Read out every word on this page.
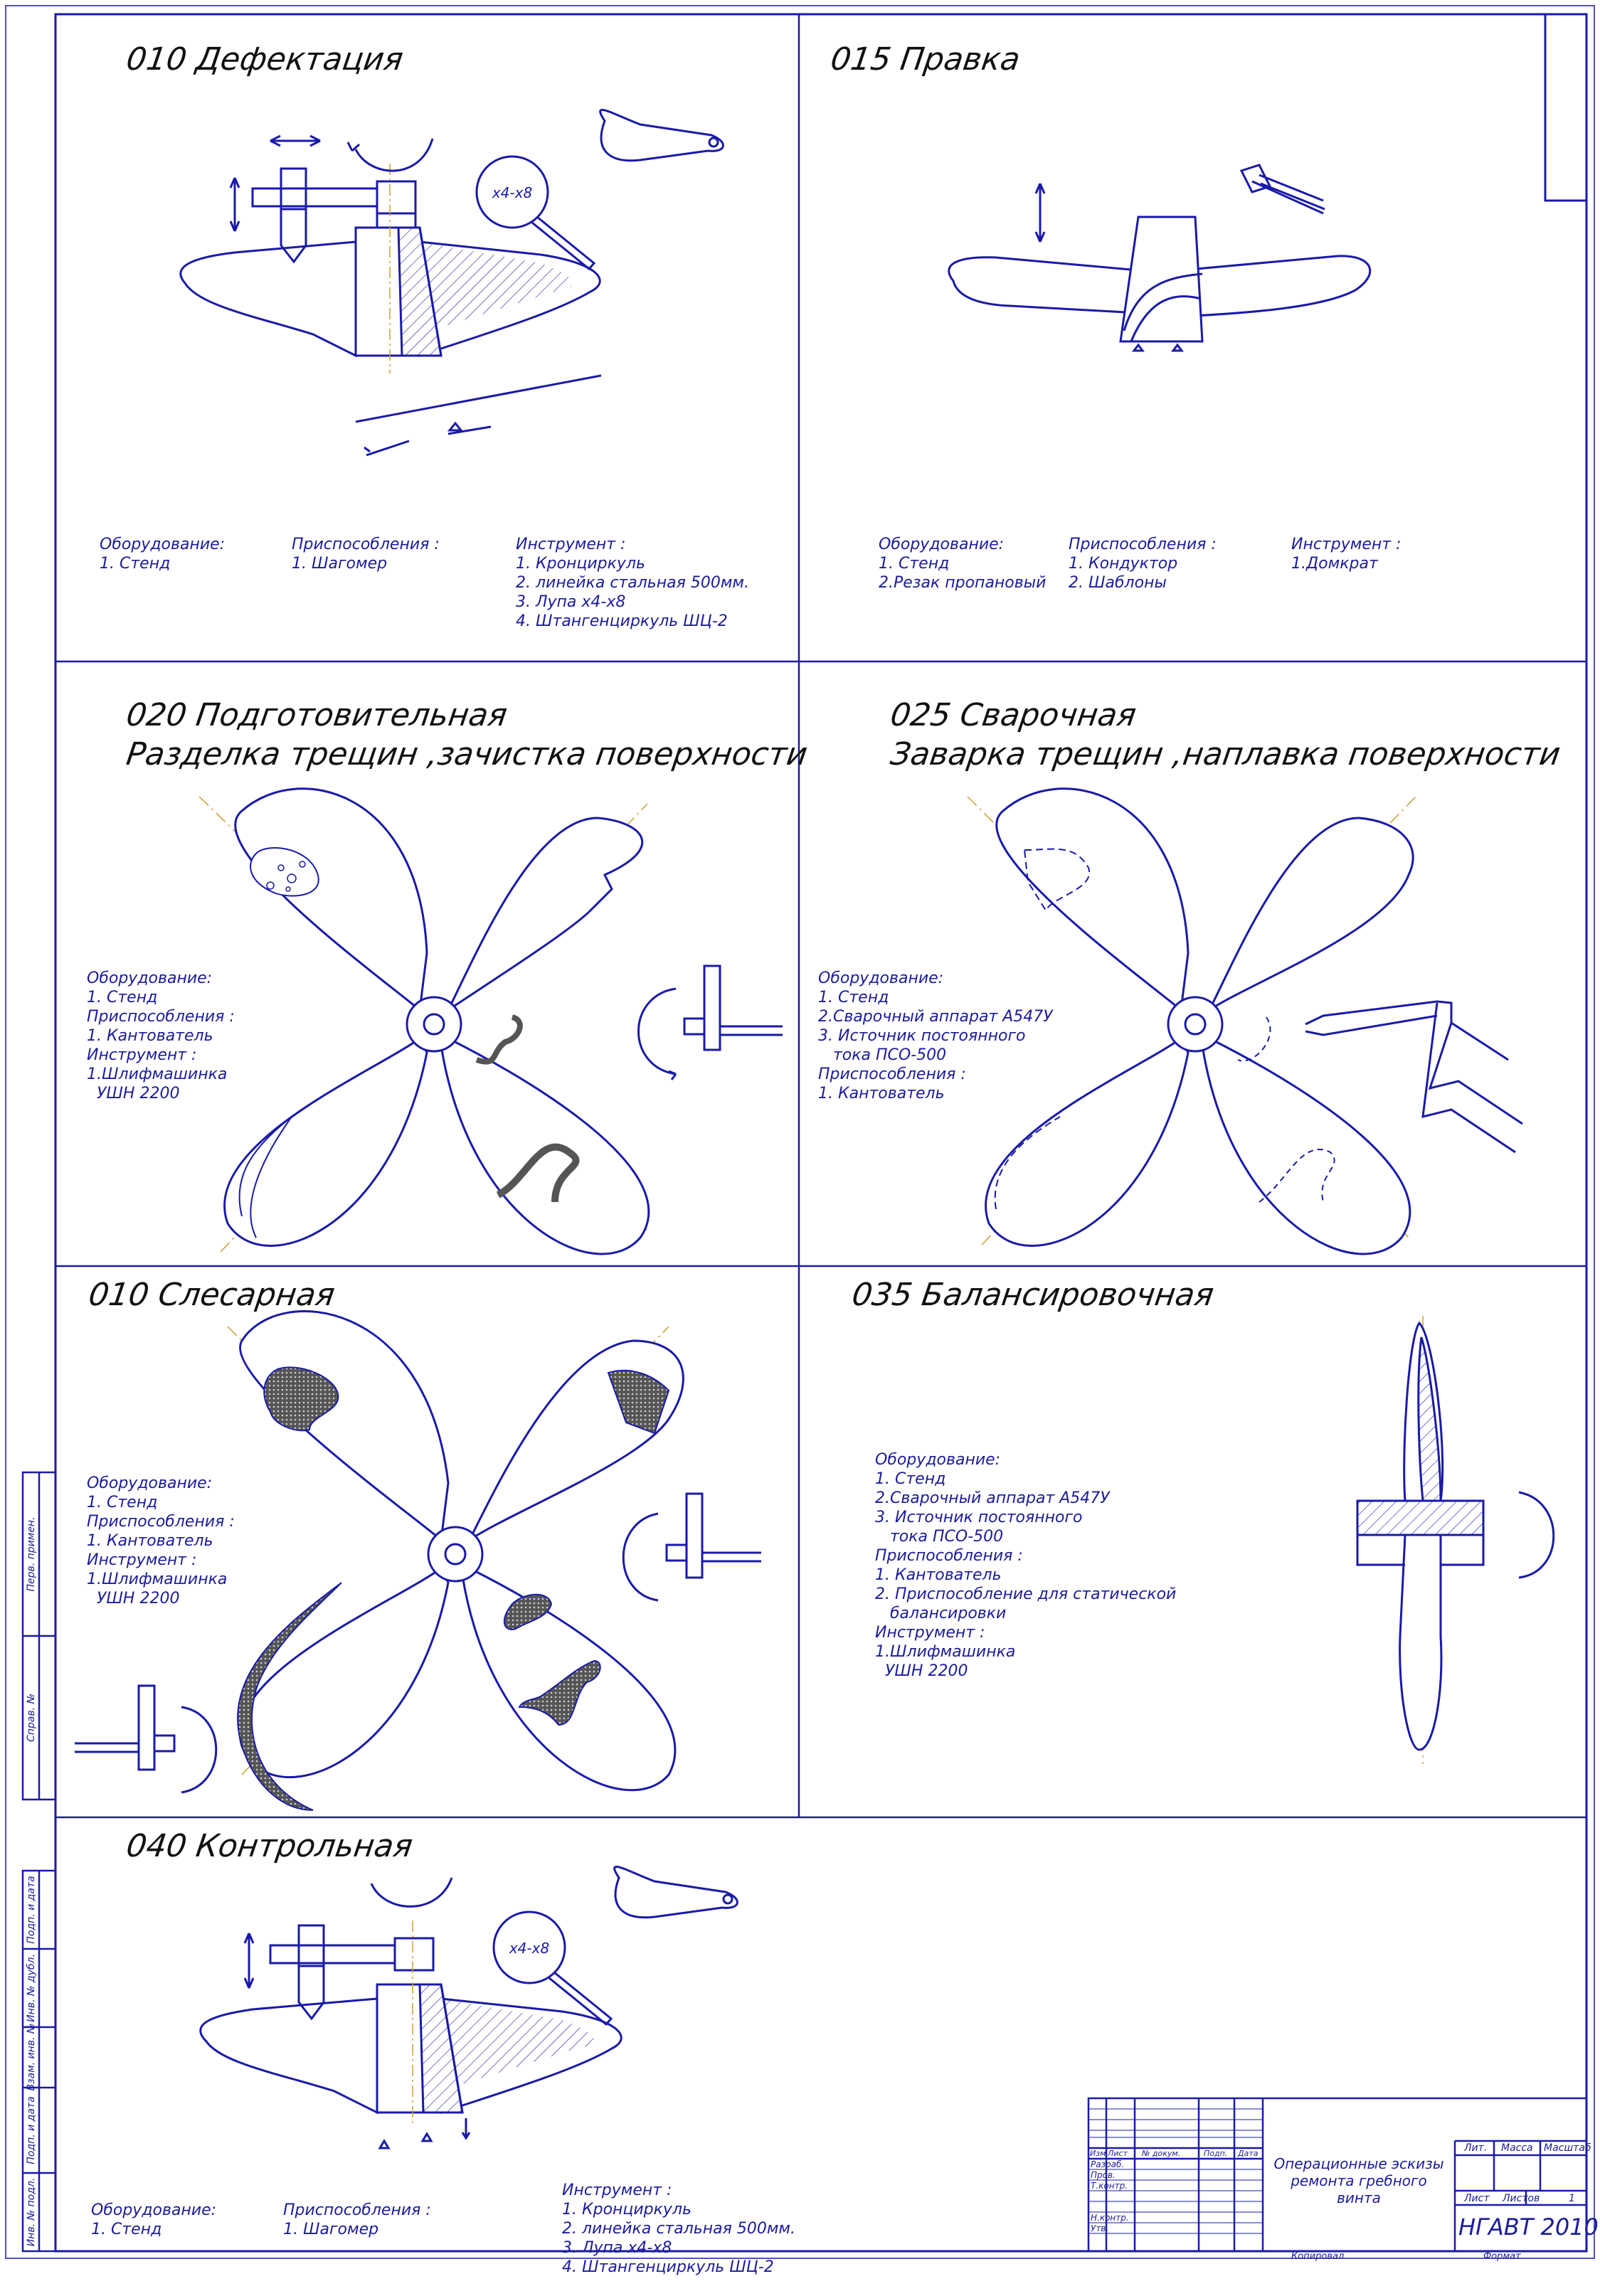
х4-х8
х4-х8
010 Дефектация	015 Правка
020 Подготовительная
Разделка трещин ,зачистка поверхности
025 Сварочная
Заварка трещин ,наплавка поверхности
010 Слесарная	035 Балансировочная
040 Контрольная

Оборудование:
1. Стенд

Приспособления :
1. Шагомер

Инструмент :
1. Кронциркуль
2. линейка стальная 500мм.
3. Лупа х4-х8
4. Штангенциркуль ШЦ-2

Оборудование:
1. Стенд
2.Резак пропановый

Приспособления :
1. Кондуктор
2. Шаблоны

Инструмент :
1.Домкрат

Оборудование:
1. Стенд
Приспособления :
1. Кантователь
Инструмент :
1.Шлифмашинка
УШН 2200

Оборудование:
1. Стенд
2.Сварочный аппарат А547У
3. Источник постоянного
тока ПСО-500
Приспособления :
1. Кантователь

Оборудование:
1. Стенд
Приспособления :
1. Кантователь
Инструмент :
1.Шлифмашинка
УШН 2200

Оборудование:
1. Стенд
2.Сварочный аппарат А547У
3. Источник постоянного
тока ПСО-500
Приспособления :
1. Кантователь
2. Приспособление для статической
балансировки
Инструмент :
1.Шлифмашинка
УШН 2200

Оборудование:
1. Стенд

Приспособления :
1. Шагомер

Инструмент :
1. Кронциркуль
2. линейка стальная 500мм.
3. Лупа х4-х8
4. Штангенциркуль ШЦ-2

Перв. примен.
Справ. №
Подп. и дата
Инв. № дубл.
Взам. инв. №
Подп. и дата
Инв. № подл.
Изм Лист № докум.	Подп. Дата
Разраб.
Пров.
Т.контр.
Н.контр.
Утв.
Операционные эскизы
ремонта гребного
винта
Лит. Масса Масштаб
Лист Листов	1
НГАВТ 2010
Копировал	Формат
